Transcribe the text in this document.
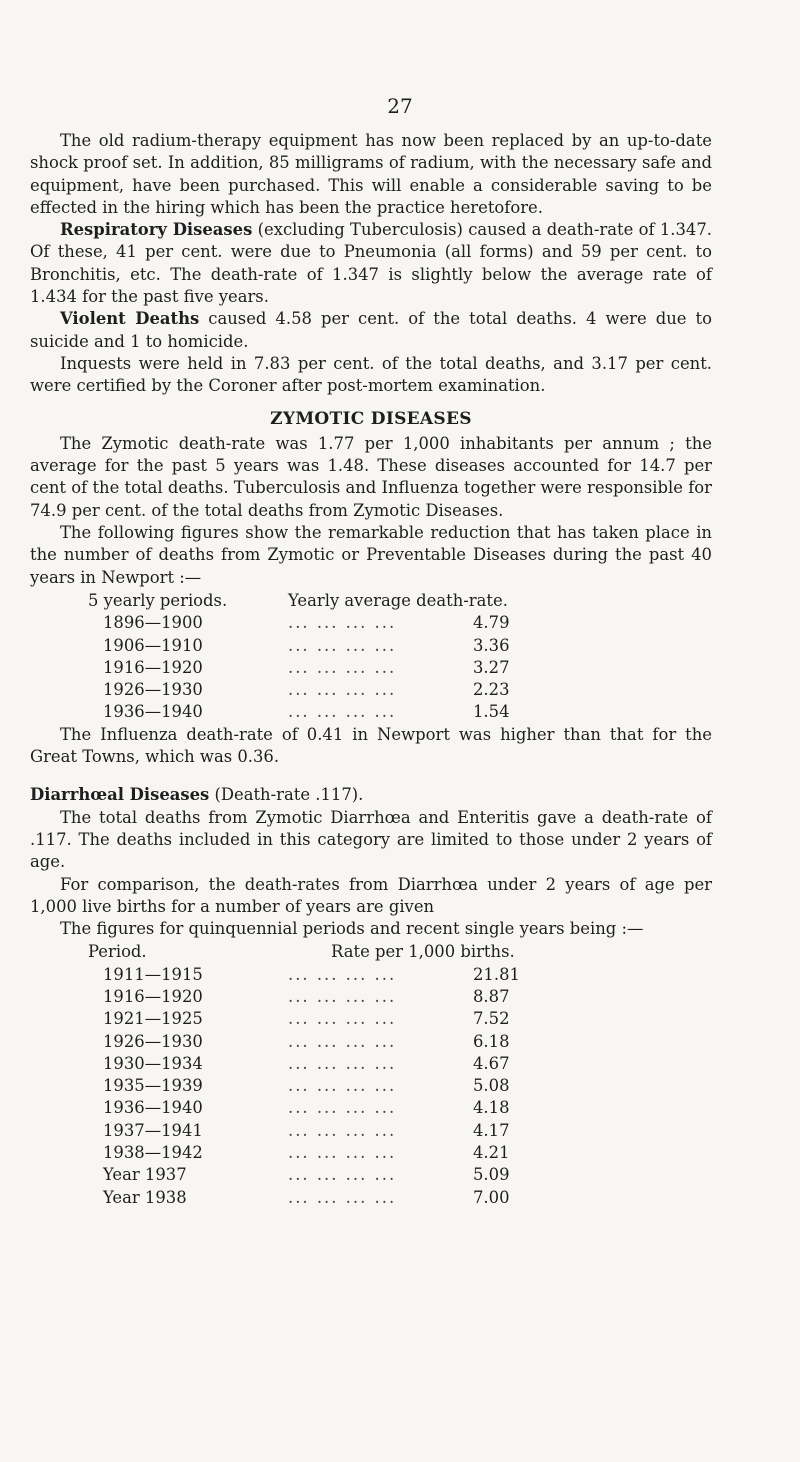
27

The old radium-therapy equipment has now been replaced by an up-to-date shock proof set. In addition, 85 milligrams of radium, with the necessary safe and equipment, have been purchased. This will enable a considerable saving to be effected in the hiring which has been the practice heretofore.

Respiratory Diseases (excluding Tuberculosis) caused a death-rate of 1.347. Of these, 41 per cent. were due to Pneumonia (all forms) and 59 per cent. to Bronchitis, etc. The death-rate of 1.347 is slightly below the average rate of 1.434 for the past five years.

Violent Deaths caused 4.58 per cent. of the total deaths. 4 were due to suicide and 1 to homicide.

Inquests were held in 7.83 per cent. of the total deaths, and 3.17 per cent. were certified by the Coroner after post-mortem examination.

ZYMOTIC DISEASES

The Zymotic death-rate was 1.77 per 1,000 inhabitants per annum ; the average for the past 5 years was 1.48. These diseases accounted for 14.7 per cent of the total deaths. Tuberculosis and Influenza together were responsible for 74.9 per cent. of the total deaths from Zymotic Diseases.

The following figures show the remarkable reduction that has taken place in the number of deaths from Zymotic or Preventable Diseases during the past 40 years in Newport :—

5 yearly periods.	Yearly average death-rate.
1896—1900	... ... ... ...	4.79
1906—1910	... ... ... ...	3.36
1916—1920	... ... ... ...	3.27
1926—1930	... ... ... ...	2.23
1936—1940	... ... ... ...	1.54

The Influenza death-rate of 0.41 in Newport was higher than that for the Great Towns, which was 0.36.

Diarrhœal Diseases (Death-rate .117).

The total deaths from Zymotic Diarrhœa and Enteritis gave a death-rate of .117. The deaths included in this category are limited to those under 2 years of age.

For comparison, the death-rates from Diarrhœa under 2 years of age per 1,000 live births for a number of years are given

The figures for quinquennial periods and recent single years being :—

Period.	Rate per 1,000 births.
1911—1915	... ... ... ...	21.81
1916—1920	... ... ... ...	8.87
1921—1925	... ... ... ...	7.52
1926—1930	... ... ... ...	6.18
1930—1934	... ... ... ...	4.67
1935—1939	... ... ... ...	5.08
1936—1940	... ... ... ...	4.18
1937—1941	... ... ... ...	4.17
1938—1942	... ... ... ...	4.21
Year 1937	... ... ... ...	5.09
Year 1938	... ... ... ...	7.00
